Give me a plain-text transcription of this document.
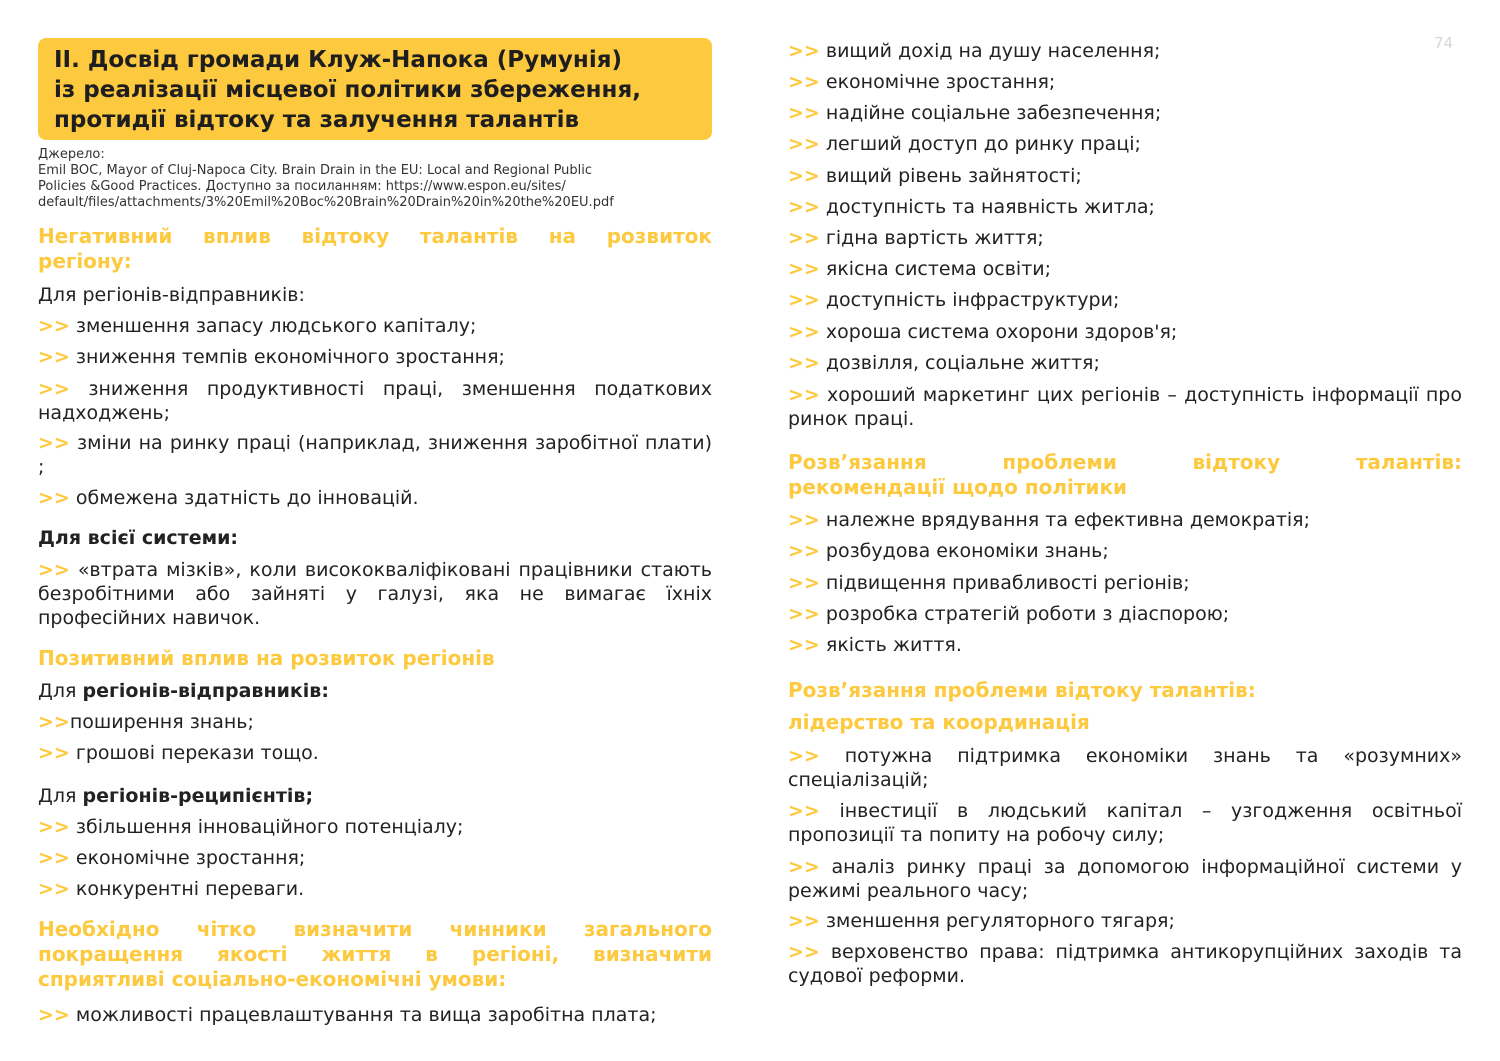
74
II. Досвід громади Клуж-Напока (Румунія)
із реалізації місцевої політики збереження,
протидії відтоку та залучення талантів
Джерело:
Emil BOC, Mayor of Cluj-Napoca City. Brain Drain in the EU: Local and Regional Public
Policies &Good Practices. Доступно за посиланням: https://www.espon.eu/sites/
default/files/attachments/3%20Emil%20Boc%20Brain%20Drain%20in%20the%20EU.pdf
Негативний вплив відтоку талантів на розвиток
регіону:
Для регіонів-відправників:
>> зменшення запасу людського капіталу;
>> зниження темпів економічного зростання;
>> зниження продуктивності праці, зменшення податкових надходжень;
>> зміни на ринку праці (наприклад, зниження заробітної плати) ;
>> обмежена здатність до інновацій.
Для всієї системи:
>> «втрата мізків», коли висококваліфіковані працівники стають безробітними або зайняті у галузі, яка не вимагає їхніх професійних навичок.
Позитивний вплив на розвиток регіонів
Для регіонів-відправників:
>>поширення знань;
>> грошові перекази тощо.
Для регіонів-реципієнтів;
>> збільшення інноваційного потенціалу;
>> економічне зростання;
>> конкурентні переваги.
Необхідно чітко визначити чинники загального
покращення якості життя в регіоні, визначити
сприятливі соціально-економічні умови:
>> можливості працевлаштування та вища заробітна плата;
>> вищий дохід на душу населення;
>> економічне зростання;
>> надійне соціальне забезпечення;
>> легший доступ до ринку праці;
>> вищий рівень зайнятості;
>> доступність та наявність житла;
>> гідна вартість життя;
>> якісна система освіти;
>> доступність інфраструктури;
>> хороша система охорони здоров'я;
>> дозвілля, соціальне життя;
>> хороший маркетинг цих регіонів – доступність інформації про ринок праці.
Розв’язання проблеми відтоку талантів:
рекомендації щодо політики
>> належне врядування та ефективна демократія;
>> розбудова економіки знань;
>> підвищення привабливості регіонів;
>> розробка стратегій роботи з діаспорою;
>> якість життя.
Розв’язання проблеми відтоку талантів:
лідерство та координація
>> потужна підтримка економіки знань та «розумних» спеціалізацій;
>> інвестиції в людський капітал – узгодження освітньої пропозиції та попиту на робочу силу;
>> аналіз ринку праці за допомогою інформаційної системи у режимі реального часу;
>> зменшення регуляторного тягаря;
>> верховенство права: підтримка антикорупційних заходів та судової реформи.
